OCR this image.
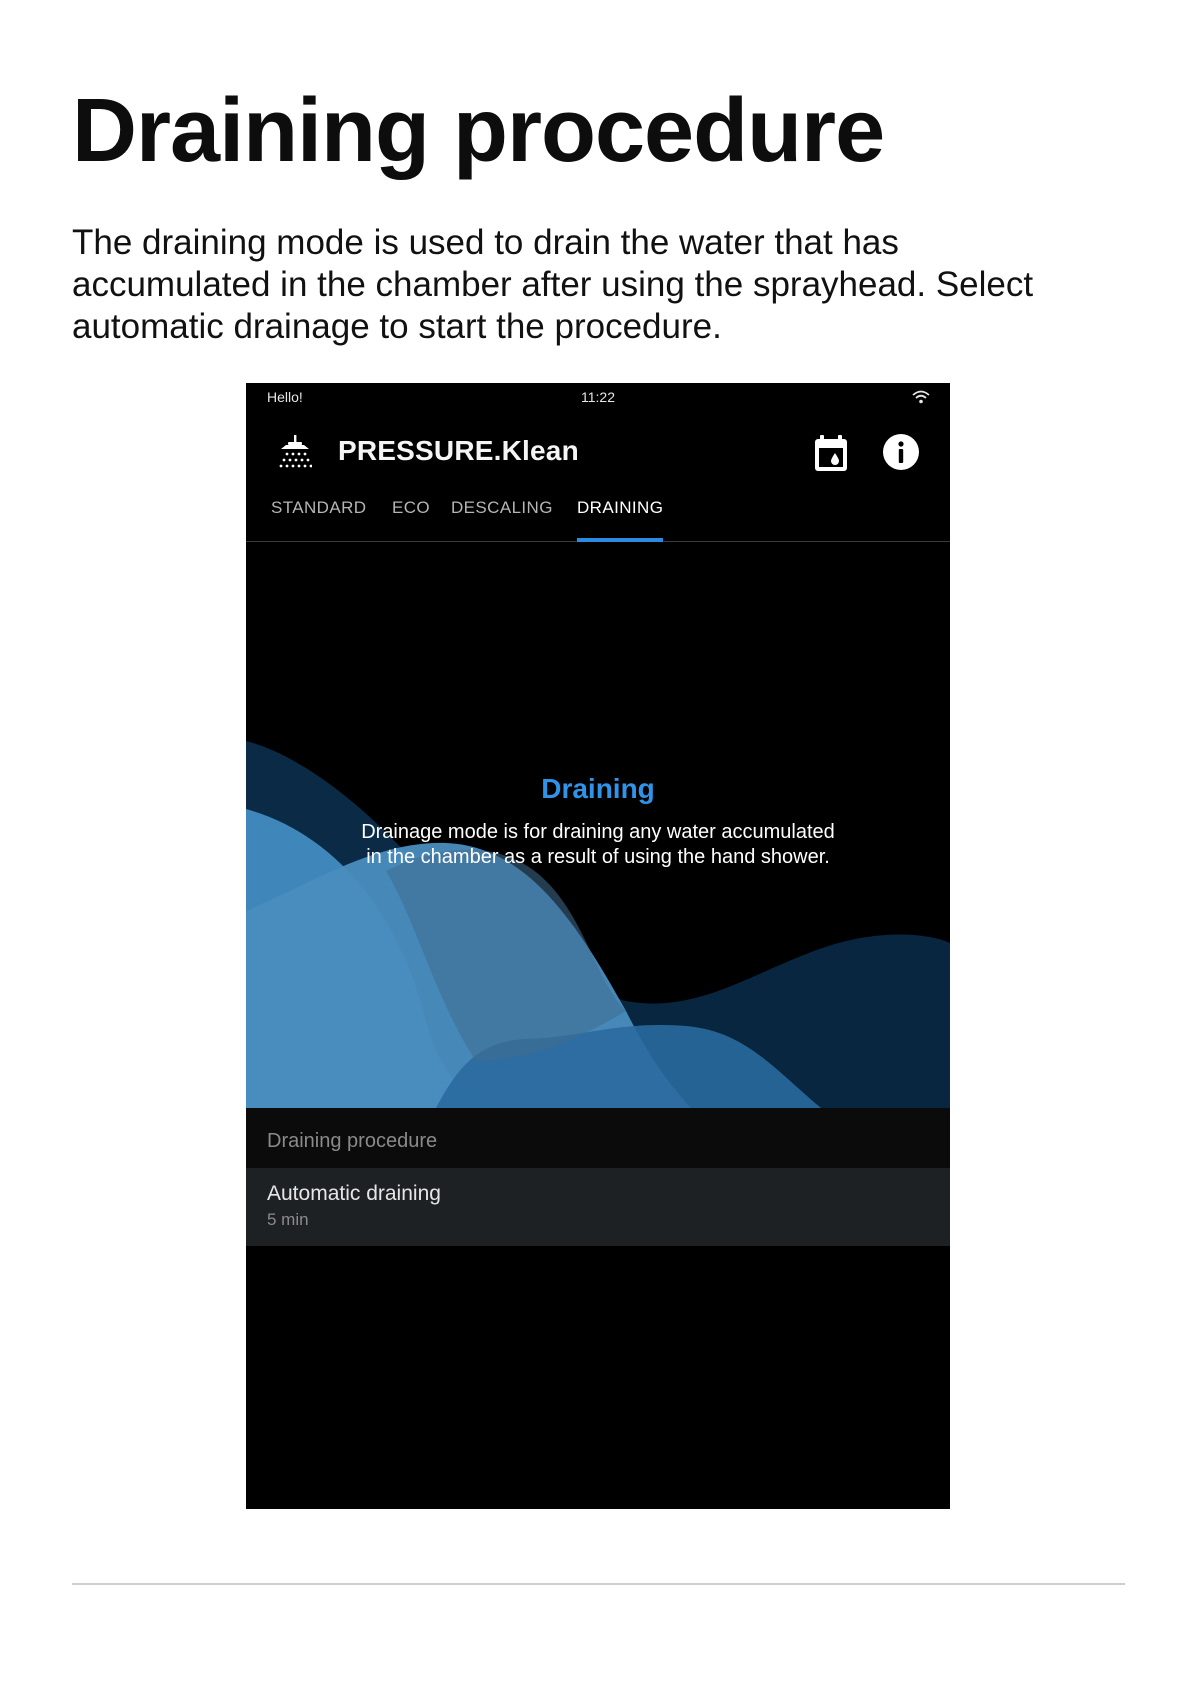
Draining procedure

The draining mode is used to drain the water that has accumulated in the chamber after using the sprayhead. Select automatic drainage to start the procedure.

Hello!	11:22
PRESSURE.Klean
STANDARD ECO DESCALING DRAINING
Draining
Drainage mode is for draining any water accumulated in the chamber as a result of using the hand shower.
Draining procedure
Automatic draining
5 min
